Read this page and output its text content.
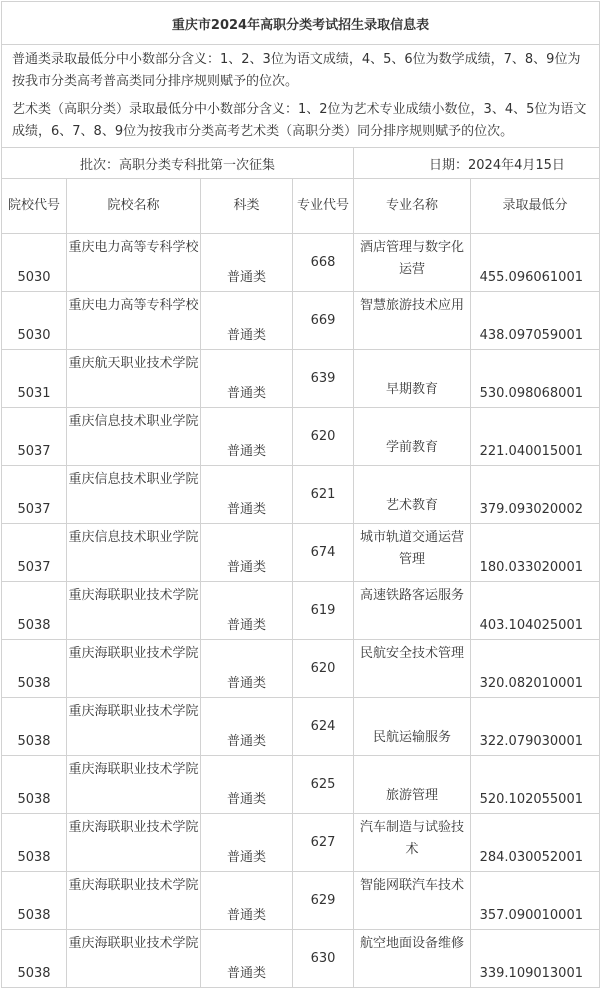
重庆市2024年高职分类考试招生录取信息表					

普通类录取最低分中小数部分含义：1、2、3位为语文成绩，4、5、6位为数学成绩，7、8、9位为按我市分类高考普高类同分排序规则赋予的位次。

艺术类（高职分类）录取最低分中小数部分含义：1、2位为艺术专业成绩小数位，3、4、5位为语文成绩，6、7、8、9位为按我市分类高考艺术类（高职分类）同分排序规则赋予的位次。					

批次：高职分类专科批第一次征集				日期：2024年4月15日	
院校代号	院校名称	科类	专业代号	专业名称	录取最低分
5030	重庆电力高等专科学校	普通类	668	酒店管理与数字化运营	455.096061001
5030	重庆电力高等专科学校	普通类	669	智慧旅游技术应用	438.097059001
5031	重庆航天职业技术学院	普通类	639	早期教育	530.098068001
5037	重庆信息技术职业学院	普通类	620	学前教育	221.040015001
5037	重庆信息技术职业学院	普通类	621	艺术教育	379.093020002
5037	重庆信息技术职业学院	普通类	674	城市轨道交通运营管理	180.033020001
5038	重庆海联职业技术学院	普通类	619	高速铁路客运服务	403.104025001
5038	重庆海联职业技术学院	普通类	620	民航安全技术管理	320.082010001
5038	重庆海联职业技术学院	普通类	624	民航运输服务	322.079030001
5038	重庆海联职业技术学院	普通类	625	旅游管理	520.102055001
5038	重庆海联职业技术学院	普通类	627	汽车制造与试验技术	284.030052001
5038	重庆海联职业技术学院	普通类	629	智能网联汽车技术	357.090010001
5038	重庆海联职业技术学院	普通类	630	航空地面设备维修	339.109013001
